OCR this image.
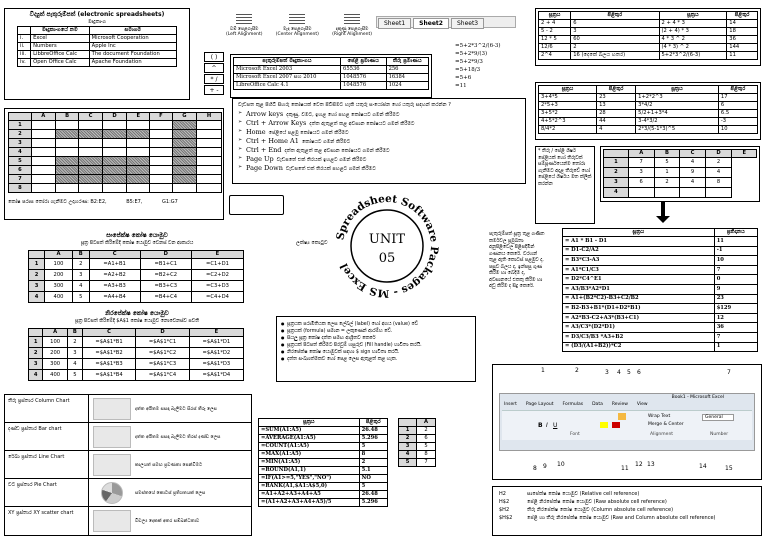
විද්‍යුත් පැතුරුම්පත් (electronic spreadsheets)
මෘදුකාංග
	මෘදුකාංගයේ නම	සමාගම
i.	Excel	Microsoft Cooperation
ii.	Numbers	Apple Inc
iii.	LibbreOffice Calc	The document Foundation
iv.	Open Office Calc	Apache Foundation
වම් පෙළගැසීම
(Left Alignment)
මැද පෙළගැසීම
(Center Alignment)
දකුණු පෙළගැසීම
(Right Alignment)
Sheet1 Sheet2 Sheet3
( )
^
* /
+ -
පැතුරුම්පත් මෘදුකාංගය	පේළි ප්‍රමාණය	තීරු ප්‍රමාණය
Microsoft Excel 2003	65536	256
Microsoft Excel 2007 සහ 2010	1048576	16384
LibreOffice Calc 4.1	1048576	1024
=5+2*3^2/(6-3)
=5+2*9/(3)
=5+2*9/3
=5+18/3
=5+6
=11
සූත්‍රය	පිළිතුර	සූත්‍රය	පිළිතුර
2 + 4	6	2 + 4 * 3	14
5 - 2	3	(2 + 4) * 3	18
12 * 5	60	4 * 3 ^ 2	36
12/6	2	(4 * 3) ^ 2	144
2^4	16 (දෙකේ බලය හතර)	5+2*3^2/(6-3)	11
සූත්‍රය	පිළිතුර	සූත්‍රය	පිළිතුර
3+4*5	23	1+2*2^3	17
2*5+3	13	3*4/2	6
3+5*2	28	5/2+1+3*4	6.5
4+5*2^3	44	3-4*3/2	-3
8/4*2	4	2*3/(5-1*3)^5	10
වැඩපත කුළ පිහිටි සිහරු කෝෂයක් වෙත පිවිසීමට හැකි යතුරු සංයෝජන හෝ යතුරු සඳහන් කරන්න ?
➢ Arrow keys දකුණු, වමට, ඉහළ හෝ පහළ කෝෂයට ගමන් කිරීමට
➢ Ctrl + Arrow Keys දත්ත ඇතුළත් කළ අවසාන කෝෂයට ගමන් කිරීමට
➢ Home පේළියේ පළමු කෝෂයට ගමන් කිරීමට
➢ Ctrl + Home A1 කෝෂයට ගමන් කිරීමට
➢ Ctrl + End දත්ත ඇතුළත් කළ අවසාන කෝෂයට ගමන් කිරීමට
➢ Page Up වැඩපතේ එක් තිරයක් ඉහළට ගමන් කිරීමට
➢ Page Down වැඩපතේ එක් තිරයක් පහළට ගමන් කිරීමට
	A	B	C	D	E	F	G	H
1								
2								
3								
4								
5								
6								
7								
8								
කෝෂ පරාස තෝරා ගැනීමට උදාහරණ: B2:E2,	B5:E7,	G1:G7
ලක්ෂ්‍ය කොටුව
Spreadsheet Software Packages - MS Excel
UNIT
05
* තීරු / පේළි ශීර්ෂ පේළියක් හෝ තීරුවක් සම්පූර්ණයෙන්ම තෝරා ගැනීමට අදාළ තීරුවේ හෝ පේළියේ ශීර්ෂය මත ක්ලික් කරන්න
	A	B	C	D	E
1	7	5	4	2	
2	3	1	9	4	
3	6	2	4	8	
4					
සාපේක්ෂ කෝෂ යොමුව
සූත්‍ර පිටපත් කිරීමේදී කෝෂ යොමුව වෙනස් වන ආකාරය
	A	B	C	D	E
1	100	2	=A1+B1	=B1+C1	=C1+D1
2	200	3	=A2+B2	=B2+C2	=C2+D2
3	300	4	=A3+B3	=B3+C3	=C3+D3
4	400	5	=A4+B4	=B4+C4	=C4+D4
නිරපේක්ෂ කෝෂ යොමුව
සූත්‍ර පිටපත් කිරීමේදී $A$1 කෝෂ යොමුව නොවෙනස්ව පවතී
	A	B	C	D	E
1	100	2	=$A$1*B1	=$A$1*C1	=$A$1*D1
2	200	3	=$A$1*B2	=$A$1*C2	=$A$1*D2
3	300	4	=$A$1*B3	=$A$1*C3	=$A$1*D3
4	400	5	=$A$1*B4	=$A$1*C4	=$A$1*D4
● සූත්‍රයක පරාමිතියක ලෙස ලේබල් (label) හෝ අගය (value) වේ
● සූත්‍රයක් (formula) සමාන = ලකුණෙන් ආරම්භ වේ.
● සියලු සූත්‍ර කෝෂ දත්ත සමඟ ආශ්‍රිතව කෙරේ
● සූත්‍රයක් පිටපත් කිරීමට පිරවුම් හසුරුව (Fill handle) භාවිතා කරයි.
● නිරපේක්ෂ කෝෂ යොමුවක් සඳහා $ sign භාවිතා කරයි.
● දත්ත සංඛ්‍යාත්මකව හෝ පෙළ ලෙස ඇතුළත් කළ හැක.
සූත්‍රය	පිළිතුර
=SUM(A1:A5)	26.48
=AVERAGE(A1:A5)	5.296
=COUNT(A1:A5)	5
=MAX(A1:A5)	8
=MIN(A1:A5)	2
=ROUND(A1,1)	5.1
=IF(A1>=5,"YES","NO")	NO
=RANK(A1,$A1:A$5,0)	5
=A1+A2+A3+A4+A5	26.48
=(A1+A2+A3+A4+A5)/5	5.296
	A
1	2
2	6
3	5
4	8
5	7
තීරු ප්‍රස්තාර Column Chart
දත්ත අයිතම සසඳා බැලීමට සිරස් තීරු ලෙස
දණ්ඩ ප්‍රස්තාර Bar chart
දත්ත අයිතම සසඳා බැලීමට තිරස් දණ්ඩ ලෙස
රේඛා ප්‍රස්තාර Line Chart
කාලයත් සමඟ ප්‍රවණතා පෙන්වීමට
වට ප්‍රස්තාර Pie Chart
සමස්තයේ කොටස් ප්‍රතිශතයක් ලෙස
XY ප්‍රස්තාර XY scatter chart
විචල්‍ය දෙකක් අතර සම්බන්ධතාව
පැතුරුම්පත් සූත්‍ර තුළ ගණිත කර්මවල ප්‍රමුඛතා අනුපිළිවෙල පිළිපදිමින් ගණනය කෙරේ. වරහන් තුළ ඇති කොටස් පළමුව ද, පසුව බලය ද, ඉන්පසු ගුණ කිරීම හා බෙදීම ද, අවසානයේ එකතු කිරීම හා අඩු කිරීම ද සිදු කෙරේ.
සූත්‍රය	ප්‍රතිදානය
= A1 * B1 - D1	11
= D1-C2/A2	-1
= B3*C3-A3	10
= A1*C1/C3	7
= D2*C4^E1	0
= A3/B3*A2*D1	9
= A1+(B2*C2)-B3+C2/B2	23
= B2-B3+B1*(D1+D2*B1)	$129
= A2*B3-C2+A3*(B3+C1)	12
= A3/C3*(D2*D1)	36
= D3/C3/B3 *A3+B2	7
= (D3/(A1+B2))*C2	1
1	2	3 4 5 6	7
8 9 10
11
12 13	14	15
Book1 - Microsoft Excel
Insert Page Layout Formulas Data Review View
Wrap Text
Merge & Center
General
Font	Alignment	Number
B I U
H2	සාපේක්ෂ කෝෂ යොමුව (Relative cell reference)
H$2	පේළි නිරපේක්ෂ කෝෂ යොමුව (Raw absolute cell reference)
$H2	තීරු නිරපේක්ෂ කෝෂ යොමුව (Column absolute cell reference)
$H$2	පේළි හා තීරු නිරපේක්ෂ කෝෂ යොමුව (Raw and Column absolute cell reference)
